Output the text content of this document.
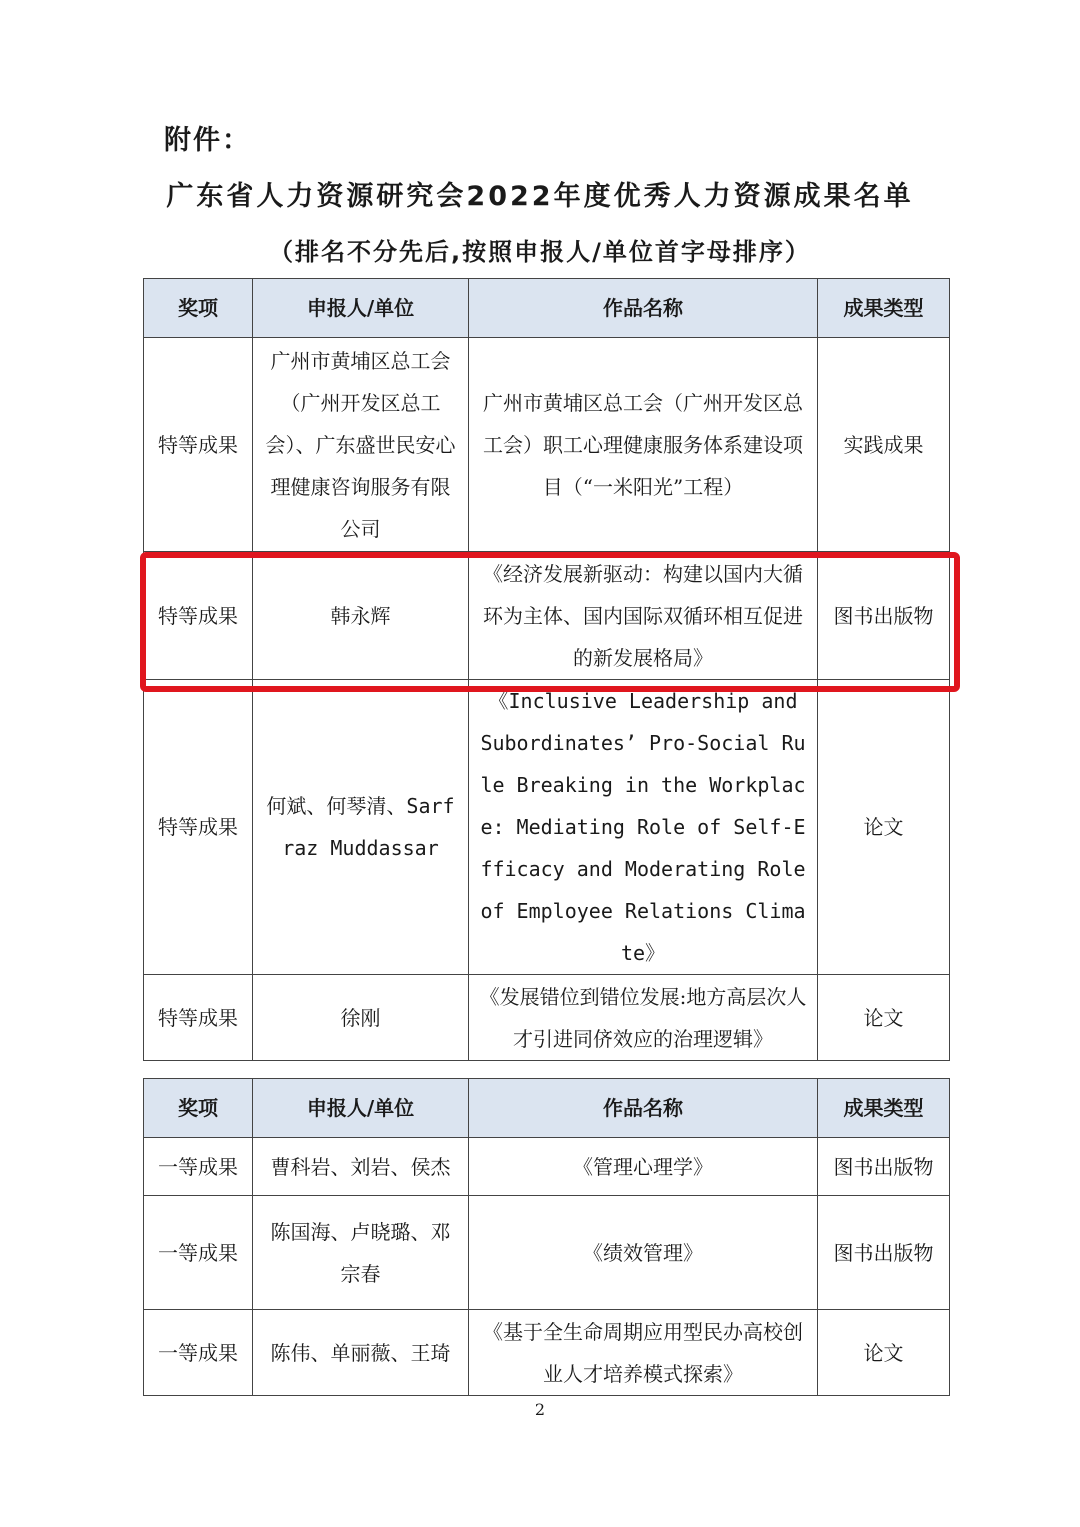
附件：
广东省人力资源研究会2022年度优秀人力资源成果名单
（排名不分先后,按照申报人/单位首字母排序）
奖项	申报人/单位	作品名称	成果类型
特等成果	广州市黄埔区总工会（广州开发区总工会）、广东盛世民安心理健康咨询服务有限公司	广州市黄埔区总工会（广州开发区总工会）职工心理健康服务体系建设项目（“一米阳光”工程）	实践成果
特等成果	韩永辉	《经济发展新驱动：构建以国内大循环为主体、国内国际双循环相互促进的新发展格局》	图书出版物
特等成果	何斌、何琴清、Sarfraz Muddassar	《Inclusive Leadership and Subordinates’ Pro-Social Rule Breaking in the Workplace: Mediating Role of Self-Efficacy and Moderating Role of Employee Relations Climate》	论文
特等成果	徐刚	《发展错位到错位发展:地方高层次人才引进同侪效应的治理逻辑》	论文
奖项	申报人/单位	作品名称	成果类型
一等成果	曹科岩、刘岩、侯杰	《管理心理学》	图书出版物
一等成果	陈国海、卢晓璐、邓宗春	《绩效管理》	图书出版物
一等成果	陈伟、单丽薇、王琦	《基于全生命周期应用型民办高校创业人才培养模式探索》	论文
2
